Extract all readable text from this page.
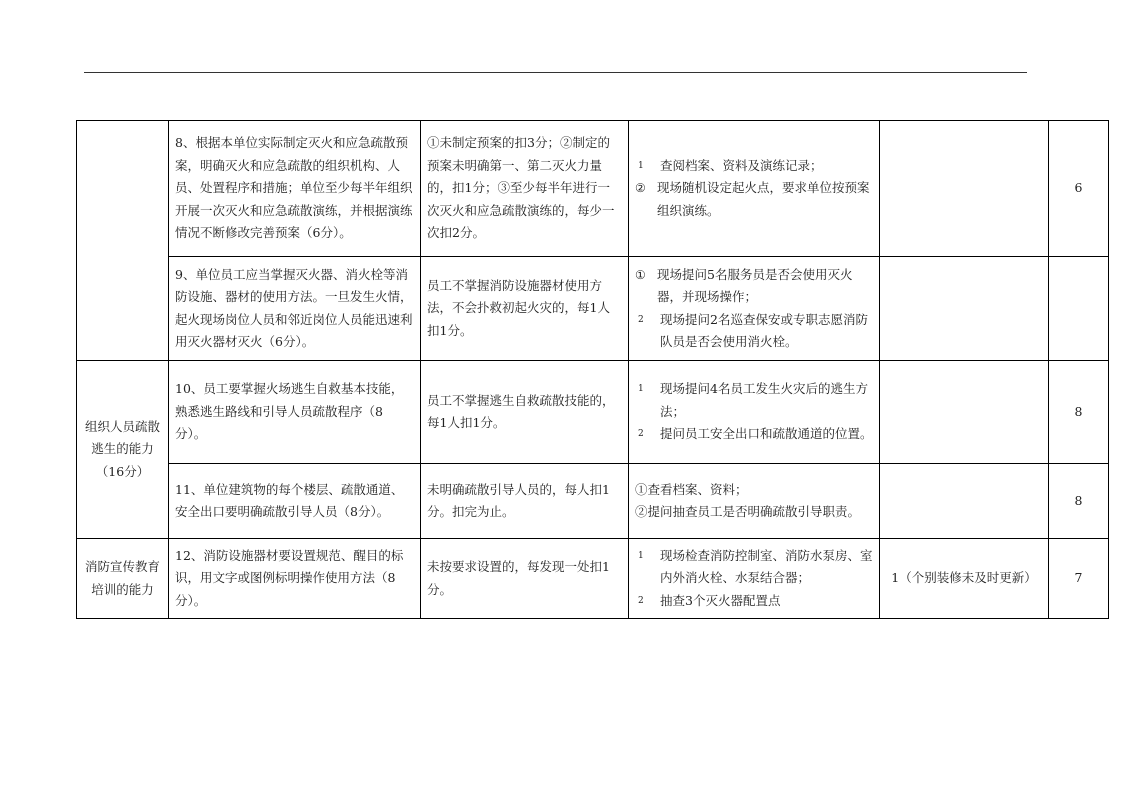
	8、根据本单位实际制定灭火和应急疏散预案，明确灭火和应急疏散的组织机构、人员、处置程序和措施；单位至少每半年组织开展一次灭火和应急疏散演练，并根据演练情况不断修改完善预案（6分）。	①未制定预案的扣3分；②制定的预案未明确第一、第二灭火力量的，扣1分；③至少每半年进行一次灭火和应急疏散演练的，每少一次扣2分。	1 查阅档案、资料及演练记录；
② 现场随机设定起火点，要求单位按预案组织演练。		6
	9、单位员工应当掌握灭火器、消火栓等消防设施、器材的使用方法。一旦发生火情，起火现场岗位人员和邻近岗位人员能迅速利用灭火器材灭火（6分）。	员工不掌握消防设施器材使用方法，不会扑救初起火灾的，每1人扣1分。	① 现场提问5名服务员是否会使用灭火器，并现场操作；
2 现场提问2名巡查保安或专职志愿消防队员是否会使用消火栓。		

组织人员疏散逃生的能力（16分）	10、员工要掌握火场逃生自救基本技能，熟悉逃生路线和引导人员疏散程序（8分）。	员工不掌握逃生自救疏散技能的，每1人扣1分。	1 现场提问4名员工发生火灾后的逃生方法；
2 提问员工安全出口和疏散通道的位置。		8
	11、单位建筑物的每个楼层、疏散通道、安全出口要明确疏散引导人员（8分）。	未明确疏散引导人员的，每人扣1分。扣完为止。	①查看档案、资料；
②提问抽查员工是否明确疏散引导职责。		8
消防宣传教育培训的能力	12、消防设施器材要设置规范、醒目的标识，用文字或图例标明操作使用方法（8分）。	未按要求设置的，每发现一处扣1分。	1 现场检查消防控制室、消防水泵房、室内外消火栓、水泵结合器；
2 抽查3个灭火器配置点	1（个别装修未及时更新）	7
